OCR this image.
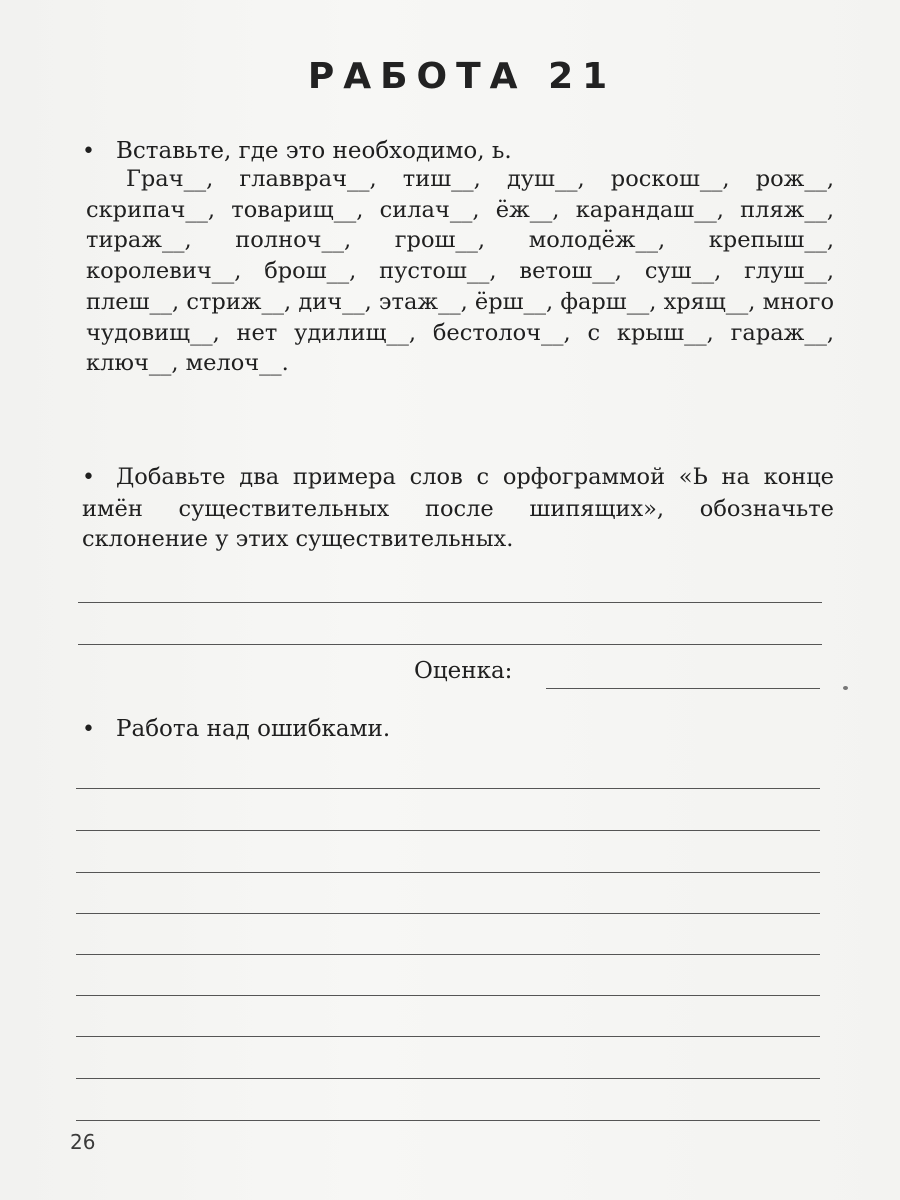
РАБОТА 21
• Вставьте, где это необходимо, ь.

Грач__, главврач__, тиш__, душ__, роскош__, рож__, скрипач__, товарищ__, силач__, ёж__, карандаш__, пляж__, тираж__, полноч__, грош__, молодёж__, крепыш__, королевич__, брош__, пустош__, ветош__, суш__, глуш__, плеш__, стриж__, дич__, этаж__, ёрш__, фарш__, хрящ__, много чудовищ__, нет удилищ__, бестолоч__, с крыш__, гараж__, ключ__, мелоч__.

• Добавьте два примера слов с орфограммой «Ь на конце имён существительных после шипящих», обозначьте склонение у этих существительных.

Оценка:
• Работа над ошибками.
26
